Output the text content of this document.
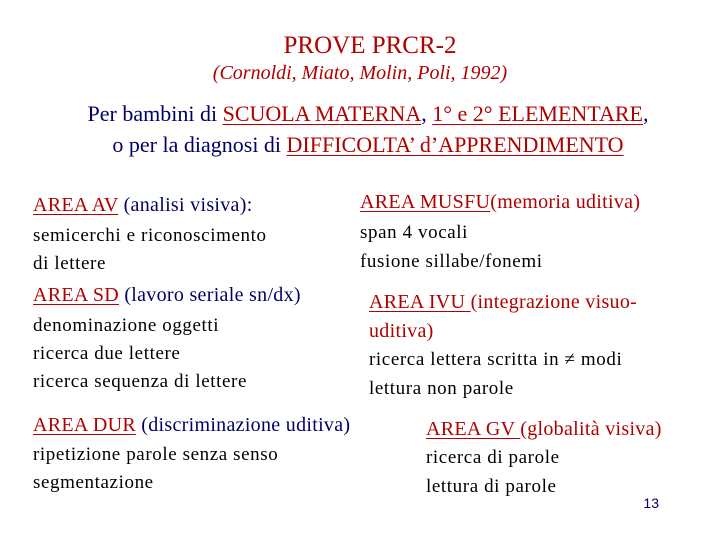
PROVE PRCR-2
(Cornoldi, Miato, Molin, Poli, 1992)
Per bambini di SCUOLA MATERNA, 1° e 2° ELEMENTARE,
o per la diagnosi di DIFFICOLTA’ d’APPRENDIMENTO
AREA AV (analisi visiva):
semicerchi e riconoscimento
di lettere
AREA MUSFU(memoria uditiva)
span 4 vocali
fusione sillabe/fonemi
AREA SD (lavoro seriale sn/dx)
denominazione oggetti
ricerca due lettere
ricerca sequenza di lettere
AREA IVU (integrazione visuo-
uditiva)
ricerca lettera scritta in ≠ modi
lettura non parole
AREA DUR (discriminazione uditiva)
ripetizione parole senza senso
segmentazione
AREA GV (globalità visiva)
ricerca di parole
lettura di parole
13
